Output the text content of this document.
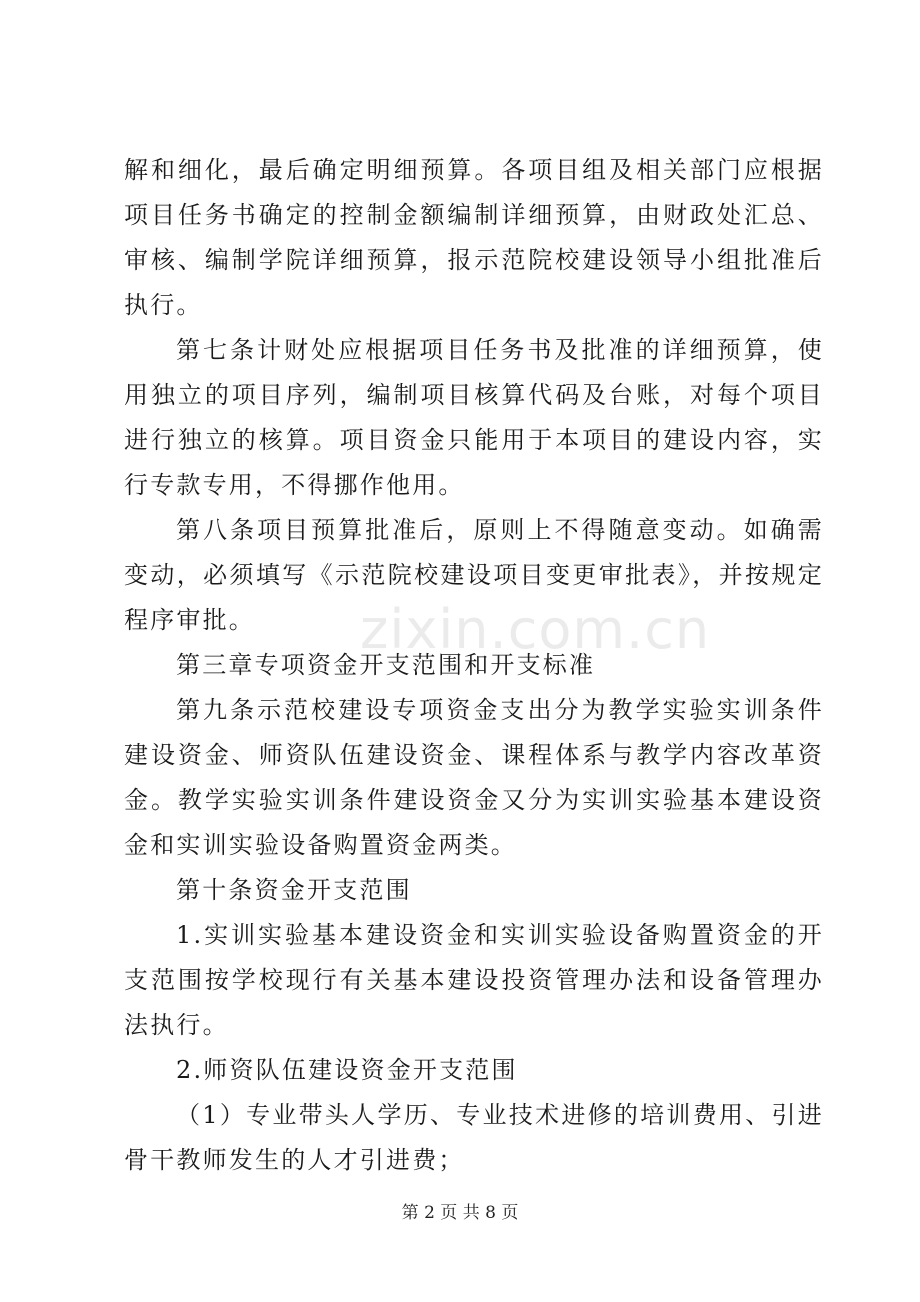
解和细化，最后确定明细预算。各项目组及相关部门应根据项目任务书确定的控制金额编制详细预算，由财政处汇总、审核、编制学院详细预算，报示范院校建设领导小组批准后执行。

第七条计财处应根据项目任务书及批准的详细预算，使用独立的项目序列，编制项目核算代码及台账，对每个项目进行独立的核算。项目资金只能用于本项目的建设内容，实行专款专用，不得挪作他用。

第八条项目预算批准后，原则上不得随意变动。如确需变动，必须填写《示范院校建设项目变更审批表》，并按规定程序审批。

第三章专项资金开支范围和开支标准

第九条示范校建设专项资金支出分为教学实验实训条件建设资金、师资队伍建设资金、课程体系与教学内容改革资金。教学实验实训条件建设资金又分为实训实验基本建设资金和实训实验设备购置资金两类。

第十条资金开支范围

1.实训实验基本建设资金和实训实验设备购置资金的开支范围按学校现行有关基本建设投资管理办法和设备管理办法执行。

2.师资队伍建设资金开支范围

（1）专业带头人学历、专业技术进修的培训费用、引进骨干教师发生的人才引进费；

zixin.com.cn
第 2 页 共 8 页
